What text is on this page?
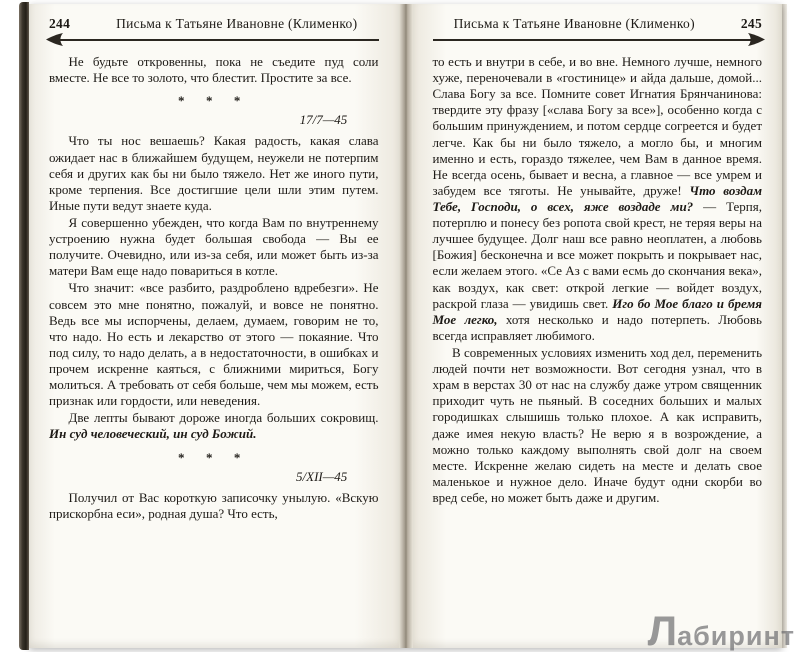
244	Письма к Татьяне Ивановне (Клименко)

Не будьте откровенны, пока не съедите пуд соли вместе. Не все то золото, что блестит. Простите за все.

* * *
17/7—45

Что ты нос вешаешь? Какая радость, какая слава ожидает нас в ближайшем будущем, неужели не потерпим себя и других как бы ни было тяжело. Нет же иного пути, кроме терпения. Все достигшие цели шли этим путем. Иные пути ведут знаете куда.

Я совершенно убежден, что когда Вам по внутреннему устроению нужна будет большая свобода — Вы ее получите. Очевидно, или из-за себя, или может быть из-за матери Вам еще надо повариться в котле.

Что значит: «все разбито, раздроблено вдребезги». Не совсем это мне понятно, пожалуй, и вовсе не понятно. Ведь все мы испорчены, делаем, думаем, говорим не то, что надо. Но есть и лекарство от этого — покаяние. Что под силу, то надо делать, а в недостаточности, в ошибках и прочем искренне каяться, с ближними мириться, Богу молиться. А требовать от себя больше, чем мы можем, есть признак или гордости, или неведения.

Две лепты бывают дороже иногда больших сокровищ. Ин суд человеческий, ин суд Божий.

* * *
5/XII—45

Получил от Вас короткую записочку унылую. «Вскую прискорбна еси», родная душа? Что есть,

Письма к Татьяне Ивановне (Клименко)	245

то есть и внутри в себе, и во вне. Немного лучше, немного хуже, переночевали в «гостинице» и айда дальше, домой... Слава Богу за все. Помните совет Игнатия Брянчанинова: твердите эту фразу [«слава Богу за все»], особенно когда с большим принуждением, и потом сердце согреется и будет легче. Как бы ни было тяжело, а могло бы, и многим именно и есть, гораздо тяжелее, чем Вам в данное время. Не всегда осень, бывает и весна, а главное — все умрем и забудем все тяготы. Не унывайте, друже! Что воздам Тебе, Господи, о всех, яже воздаде ми? — Терпя, потерплю и понесу без ропота свой крест, не теряя веры на лучшее будущее. Долг наш все равно неоплатен, а любовь [Божия] бесконечна и все может покрыть и покрывает нас, если желаем этого. «Се Аз с вами есмь до скончания века», как воздух, как свет: открой легкие — войдет воздух, раскрой глаза — увидишь свет. Иго бо Мое благо и бремя Мое легко, хотя несколько и надо потерпеть. Любовь всегда исправляет любимого.

В современных условиях изменить ход дел, переменить людей почти нет возможности. Вот сегодня узнал, что в храм в верстах 30 от нас на службу даже утром священник приходит чуть не пьяный. В соседних больших и малых городишках слышишь только плохое. А как исправить, даже имея некую власть? Не верю я в возрождение, а можно только каждому выполнять свой долг на своем месте. Искренне желаю сидеть на месте и делать свое маленькое и нужное дело. Иначе будут одни скорби во вред себе, но может быть даже и другим.

Л абиринт
